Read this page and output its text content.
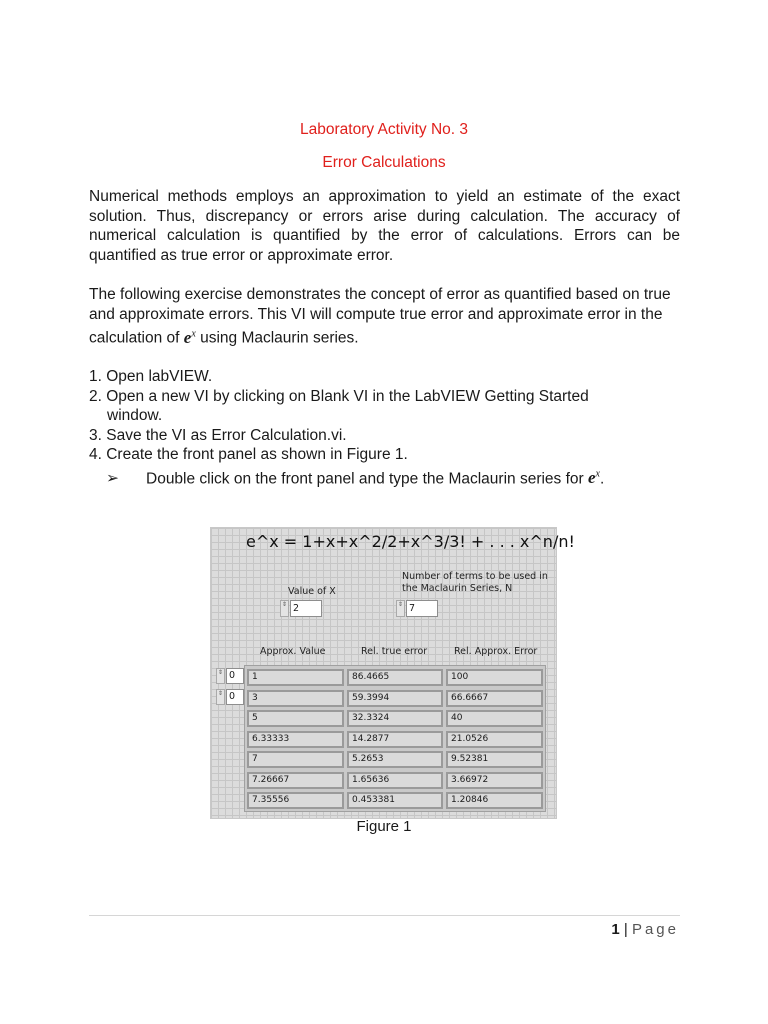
Laboratory Activity No. 3
Error Calculations
Numerical methods employs an approximation to yield an estimate of the exact solution. Thus, discrepancy or errors arise during calculation. The accuracy of numerical calculation is quantified by the error of calculations. Errors can be quantified as true error or approximate error.
The following exercise demonstrates the concept of error as quantified based on true and approximate errors. This VI will compute true error and approximate error in the calculation of $e^x$ using Maclaurin series.
1. Open labVIEW.
2. Open a new VI by clicking on Blank VI in the LabVIEW Getting Started
window.
3. Save the VI as Error Calculation.vi.
4. Create the front panel as shown in Figure 1.
➢ Double click on the front panel and type the Maclaurin series for $e^x$.
e^x = 1+x+x^2/2+x^3/3! + . . . x^n/n!
Value of X
⇕ 2
Number of terms to be used in
the Maclaurin Series, N
⇕ 7
Approx. Value	Rel. true error	Rel. Approx. Error
⇕ 0
⇕ 0
1	86.4665	100
3	59.3994	66.6667
5	32.3324	40
6.33333	14.2877	21.0526
7	5.2653	9.52381
7.26667	1.65636	3.66972
7.35556	0.453381	1.20846
Figure 1
1 | Page
